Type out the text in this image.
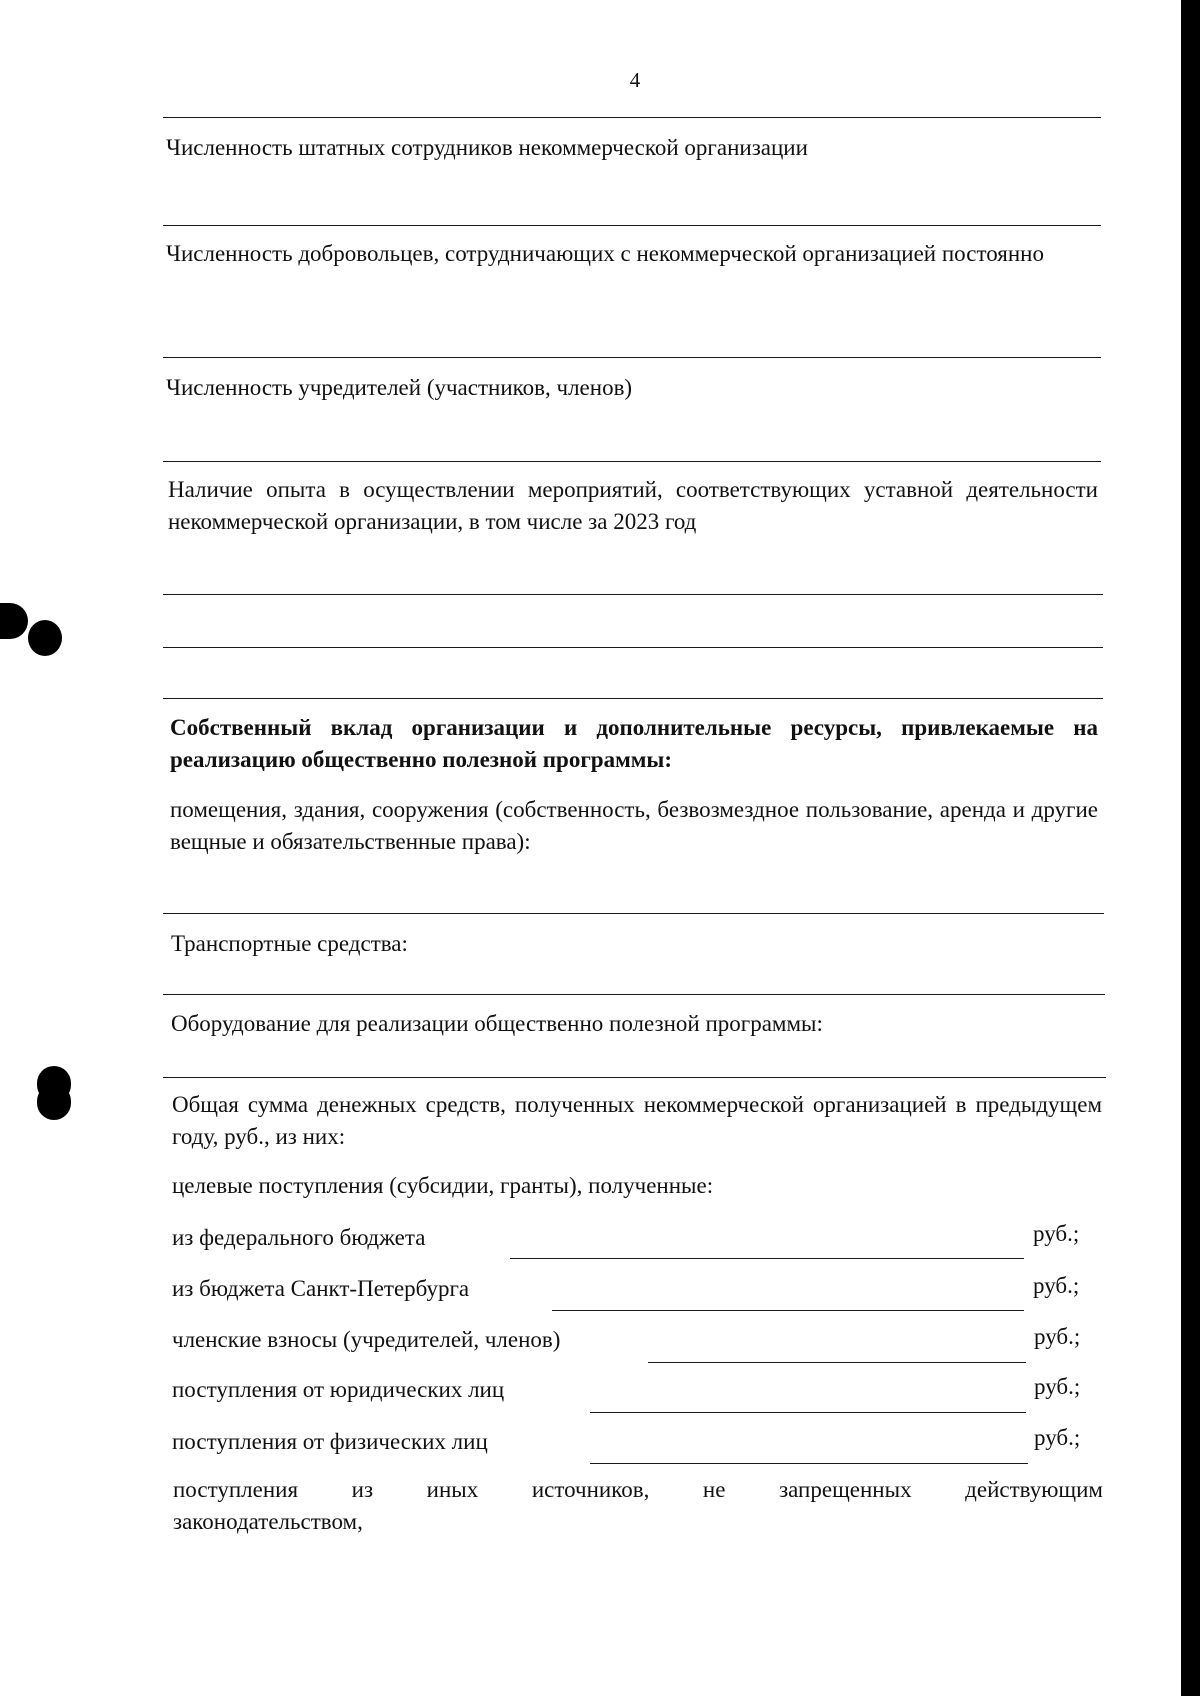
4
Численность штатных сотрудников некоммерческой организации
Численность добровольцев, сотрудничающих с некоммерческой организацией постоянно
Численность учредителей (участников, членов)
Наличие опыта в осуществлении мероприятий, соответствующих уставной деятельности некоммерческой организации, в том числе за 2023 год
Собственный вклад организации и дополнительные ресурсы, привлекаемые на реализацию общественно полезной программы:
помещения, здания, сооружения (собственность, безвозмездное пользование, аренда и другие вещные и обязательственные права):
Транспортные средства:
Оборудование для реализации общественно полезной программы:
Общая сумма денежных средств, полученных некоммерческой организацией в предыдущем году, руб., из них:
целевые поступления (субсидии, гранты), полученные:
из федерального бюджета	руб.;
из бюджета Санкт-Петербурга	руб.;
членские взносы (учредителей, членов)	руб.;
поступления от юридических лиц	руб.;
поступления от физических лиц	руб.;
поступления из иных источников, не запрещенных действующим
законодательством,
